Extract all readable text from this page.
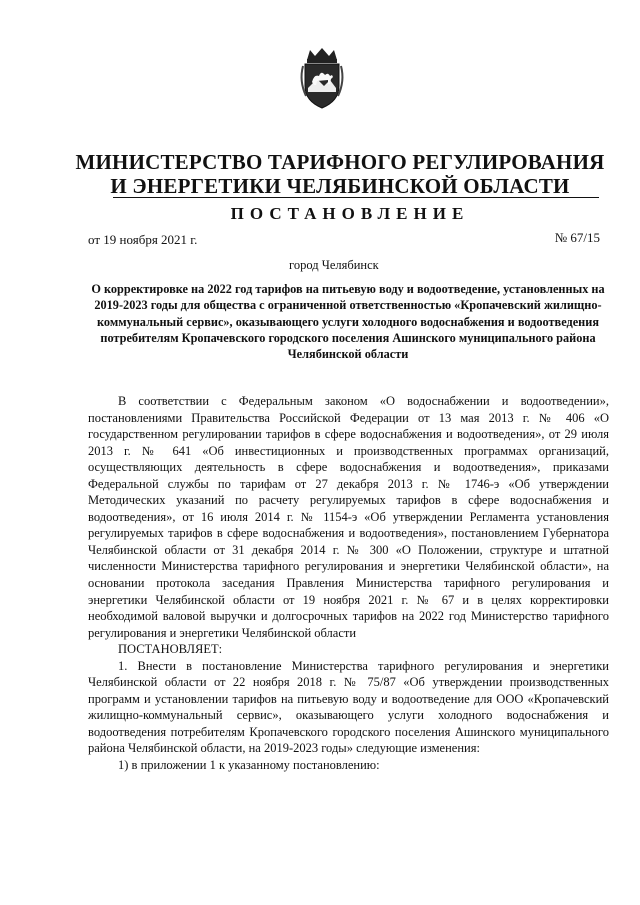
МИНИСТЕРСТВО ТАРИФНОГО РЕГУЛИРОВАНИЯ
И ЭНЕРГЕТИКИ ЧЕЛЯБИНСКОЙ ОБЛАСТИ
ПОСТАНОВЛЕНИЕ
от 19 ноября 2021 г.	№ 67/15
город Челябинск
О корректировке на 2022 год тарифов на питьевую воду и водоотведение, установленных на 2019-2023 годы для общества с ограниченной ответственностью «Кропачевский жилищно-коммунальный сервис», оказывающего услуги холодного водоснабжения и водоотведения потребителям Кропачевского городского поселения Ашинского муниципального района Челябинской области

В соответствии с Федеральным законом «О водоснабжении и водоотведении», постановлениями Правительства Российской Федерации от 13 мая 2013 г. № 406 «О государственном регулировании тарифов в сфере водоснабжения и водоотведения», от 29 июля 2013 г. № 641 «Об инвестиционных и производственных программах организаций, осуществляющих деятельность в сфере водоснабжения и водоотведения», приказами Федеральной службы по тарифам от 27 декабря 2013 г. № 1746-э «Об утверждении Методических указаний по расчету регулируемых тарифов в сфере водоснабжения и водоотведения», от 16 июля 2014 г. № 1154-э «Об утверждении Регламента установления регулируемых тарифов в сфере водоснабжения и водоотведения», постановлением Губернатора Челябинской области от 31 декабря 2014 г. № 300 «О Положении, структуре и штатной численности Министерства тарифного регулирования и энергетики Челябинской области», на основании протокола заседания Правления Министерства тарифного регулирования и энергетики Челябинской области от 19 ноября 2021 г. № 67 и в целях корректировки необходимой валовой выручки и долгосрочных тарифов на 2022 год Министерство тарифного регулирования и энергетики Челябинской области

ПОСТАНОВЛЯЕТ:

1. Внести в постановление Министерства тарифного регулирования и энергетики Челябинской области от 22 ноября 2018 г. № 75/87 «Об утверждении производственных программ и установлении тарифов на питьевую воду и водоотведение для ООО «Кропачевский жилищно-коммунальный сервис», оказывающего услуги холодного водоснабжения и водоотведения потребителям Кропачевского городского поселения Ашинского муниципального района Челябинской области, на 2019-2023 годы» следующие изменения:

1) в приложении 1 к указанному постановлению:
